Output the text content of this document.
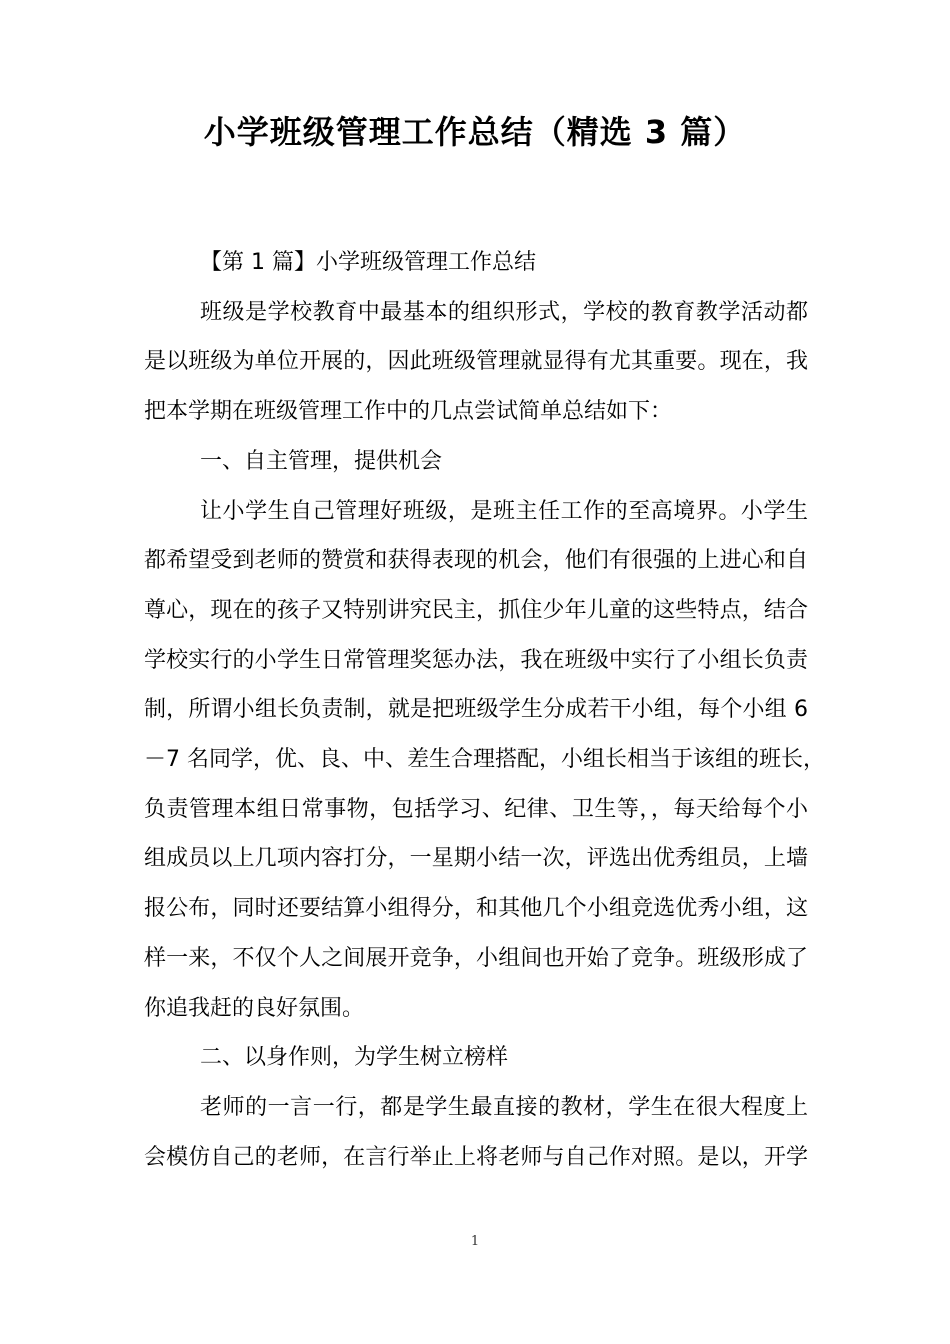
小学班级管理工作总结（精选 3 篇）

【第 1 篇】小学班级管理工作总结

班级是学校教育中最基本的组织形式，学校的教育教学活动都
是以班级为单位开展的，因此班级管理就显得有尤其重要。现在，我
把本学期在班级管理工作中的几点尝试简单总结如下：

一、自主管理，提供机会

让小学生自己管理好班级，是班主任工作的至高境界。小学生
都希望受到老师的赞赏和获得表现的机会，他们有很强的上进心和自
尊心，现在的孩子又特别讲究民主，抓住少年儿童的这些特点，结合
学校实行的小学生日常管理奖惩办法，我在班级中实行了小组长负责
制，所谓小组长负责制，就是把班级学生分成若干小组，每个小组 6
－7 名同学，优、良、中、差生合理搭配，小组长相当于该组的班长，
负责管理本组日常事物，包括学习、纪律、卫生等，，每天给每个小
组成员以上几项内容打分，一星期小结一次，评选出优秀组员，上墙
报公布，同时还要结算小组得分，和其他几个小组竞选优秀小组，这
样一来，不仅个人之间展开竞争，小组间也开始了竞争。班级形成了
你追我赶的良好氛围。

二、以身作则，为学生树立榜样

老师的一言一行，都是学生最直接的教材，学生在很大程度上
会模仿自己的老师，在言行举止上将老师与自己作对照。是以，开学

1
